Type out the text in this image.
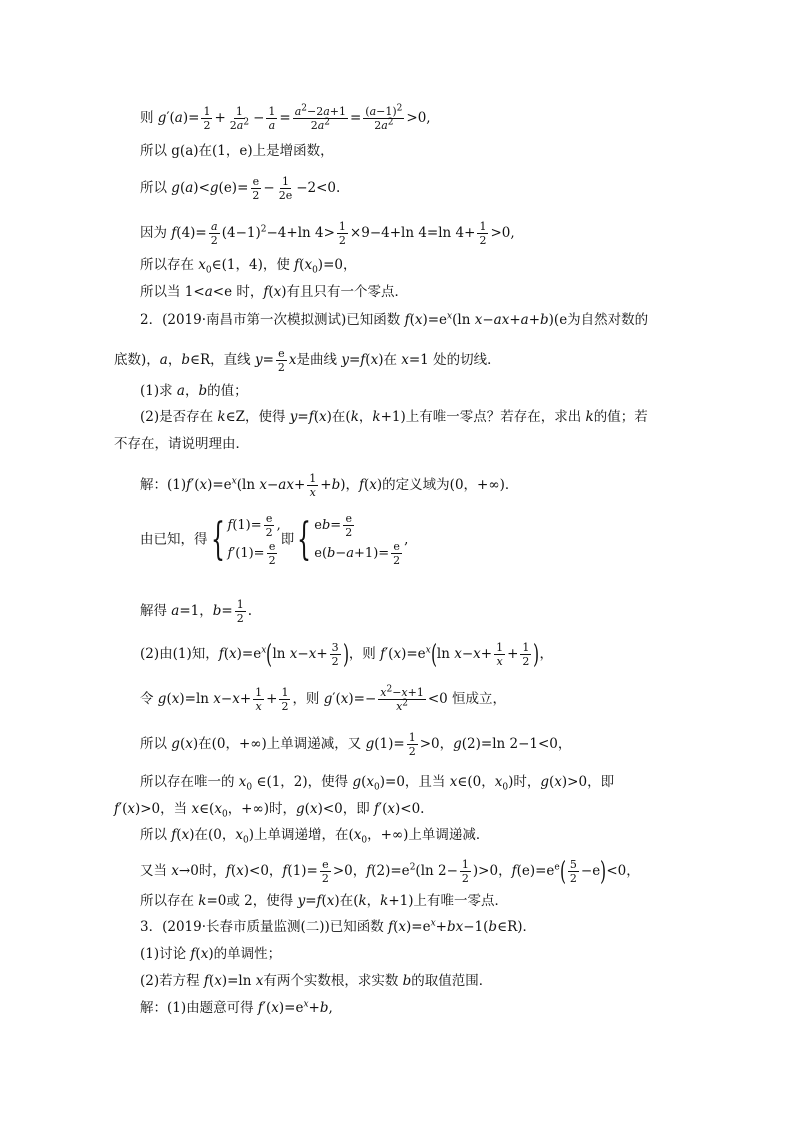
则 $g'(a)= \frac{1}{2} + \frac{1}{2a^2} - \frac{1}{a} = \frac{a^2-2a+1}{2a^2} = \frac{(a-1)^2}{2a^2} >0$,
所以 g(a)在(1，e)上是增函数，
所以 $g(a)<g(e)= \frac{e}{2} - \frac{1}{2e} -2<0$.
因为 $f(4)= \frac{a}{2} (4-1)^2-4+\ln$ $4> \frac{1}{2} \times 9-4+\ln$ 4=ln $4+ \frac{1}{2} >0$,
所以存在 $x_0\in(1$，4)，使 $f(x_0)=0$，
所以当 1<a<e 时，f(x)有且只有一个零点．
2．(2019·南昌市第一次模拟测试)已知函数 $f(x)=e^x(\ln$ x−ax+a+b)(e为自然对数的
底数)，a，b∈R，直线 $y= \frac{e}{2}$ x是曲线 y=f(x)在 x=1 处的切线．
(1)求 a，b的值；
(2)是否存在 k∈Z，使得 y=f(x)在(k，k+1)上有唯一零点？若存在，求出 k的值；若
不存在，请说明理由．
解：$(1)f'(x)=e^x(\ln$ $x-ax+ \frac{1}{x} +b$)，f(x)的定义域为(0，+∞)．
由已知，得{ $f(1)= \frac{e}{2}$ ,
$f'(1)= \frac{e}{2}$
即{ $eb= \frac{e}{2}$
$e(b-a+1)= \frac{e}{2}$
,
解得 a=1，$b= \frac{1}{2}$ .
(2)由(1)知，$f(x)=e^x(\ln$ $x-x+ \frac{3}{2}$ )，则 $f'(x)=e^x(\ln$ $x-x+ \frac{1}{x} + \frac{1}{2}$ )，
令 g(x)=ln $x-x+ \frac{1}{x} + \frac{1}{2}$ ，则 $g'(x)=- \frac{x^2-x+1}{x^2} <0$ 恒成立，
所以 g(x)在(0，+∞)上单调递减，又 $g(1)= \frac{1}{2} >0$，g(2)=ln 2−1<0，
所以存在唯一的 $x_0$ ∈(1，2)，使得 $g(x_0)=0$，且当 x∈(0，$x_0$)时，g(x)>0，即
f′(x)>0，当 $x\in(x_0$，+∞)时，g(x)<0，即 f′(x)<0.
所以 f(x)在(0，$x_0$)上单调递增，在($x_0$，+∞)上单调递减．
又当 x→0时，f(x)<0，$f(1)= \frac{e}{2} >0$，$f(2)=e^2(\ln$ $2- \frac{1}{2} )>0$，$f(e)=e^e( \frac{5}{2} -e)<0$，
所以存在 k=0或 2，使得 y=f(x)在(k，k+1)上有唯一零点．
3．(2019·长春市质量监测(二))已知函数 $f(x)=e^x+bx-1(b\in R)$．
(1)讨论 f(x)的单调性；
(2)若方程 f(x)=ln x有两个实数根，求实数 b的取值范围．
解：(1)由题意可得 $f'(x)=e^x+b$,
